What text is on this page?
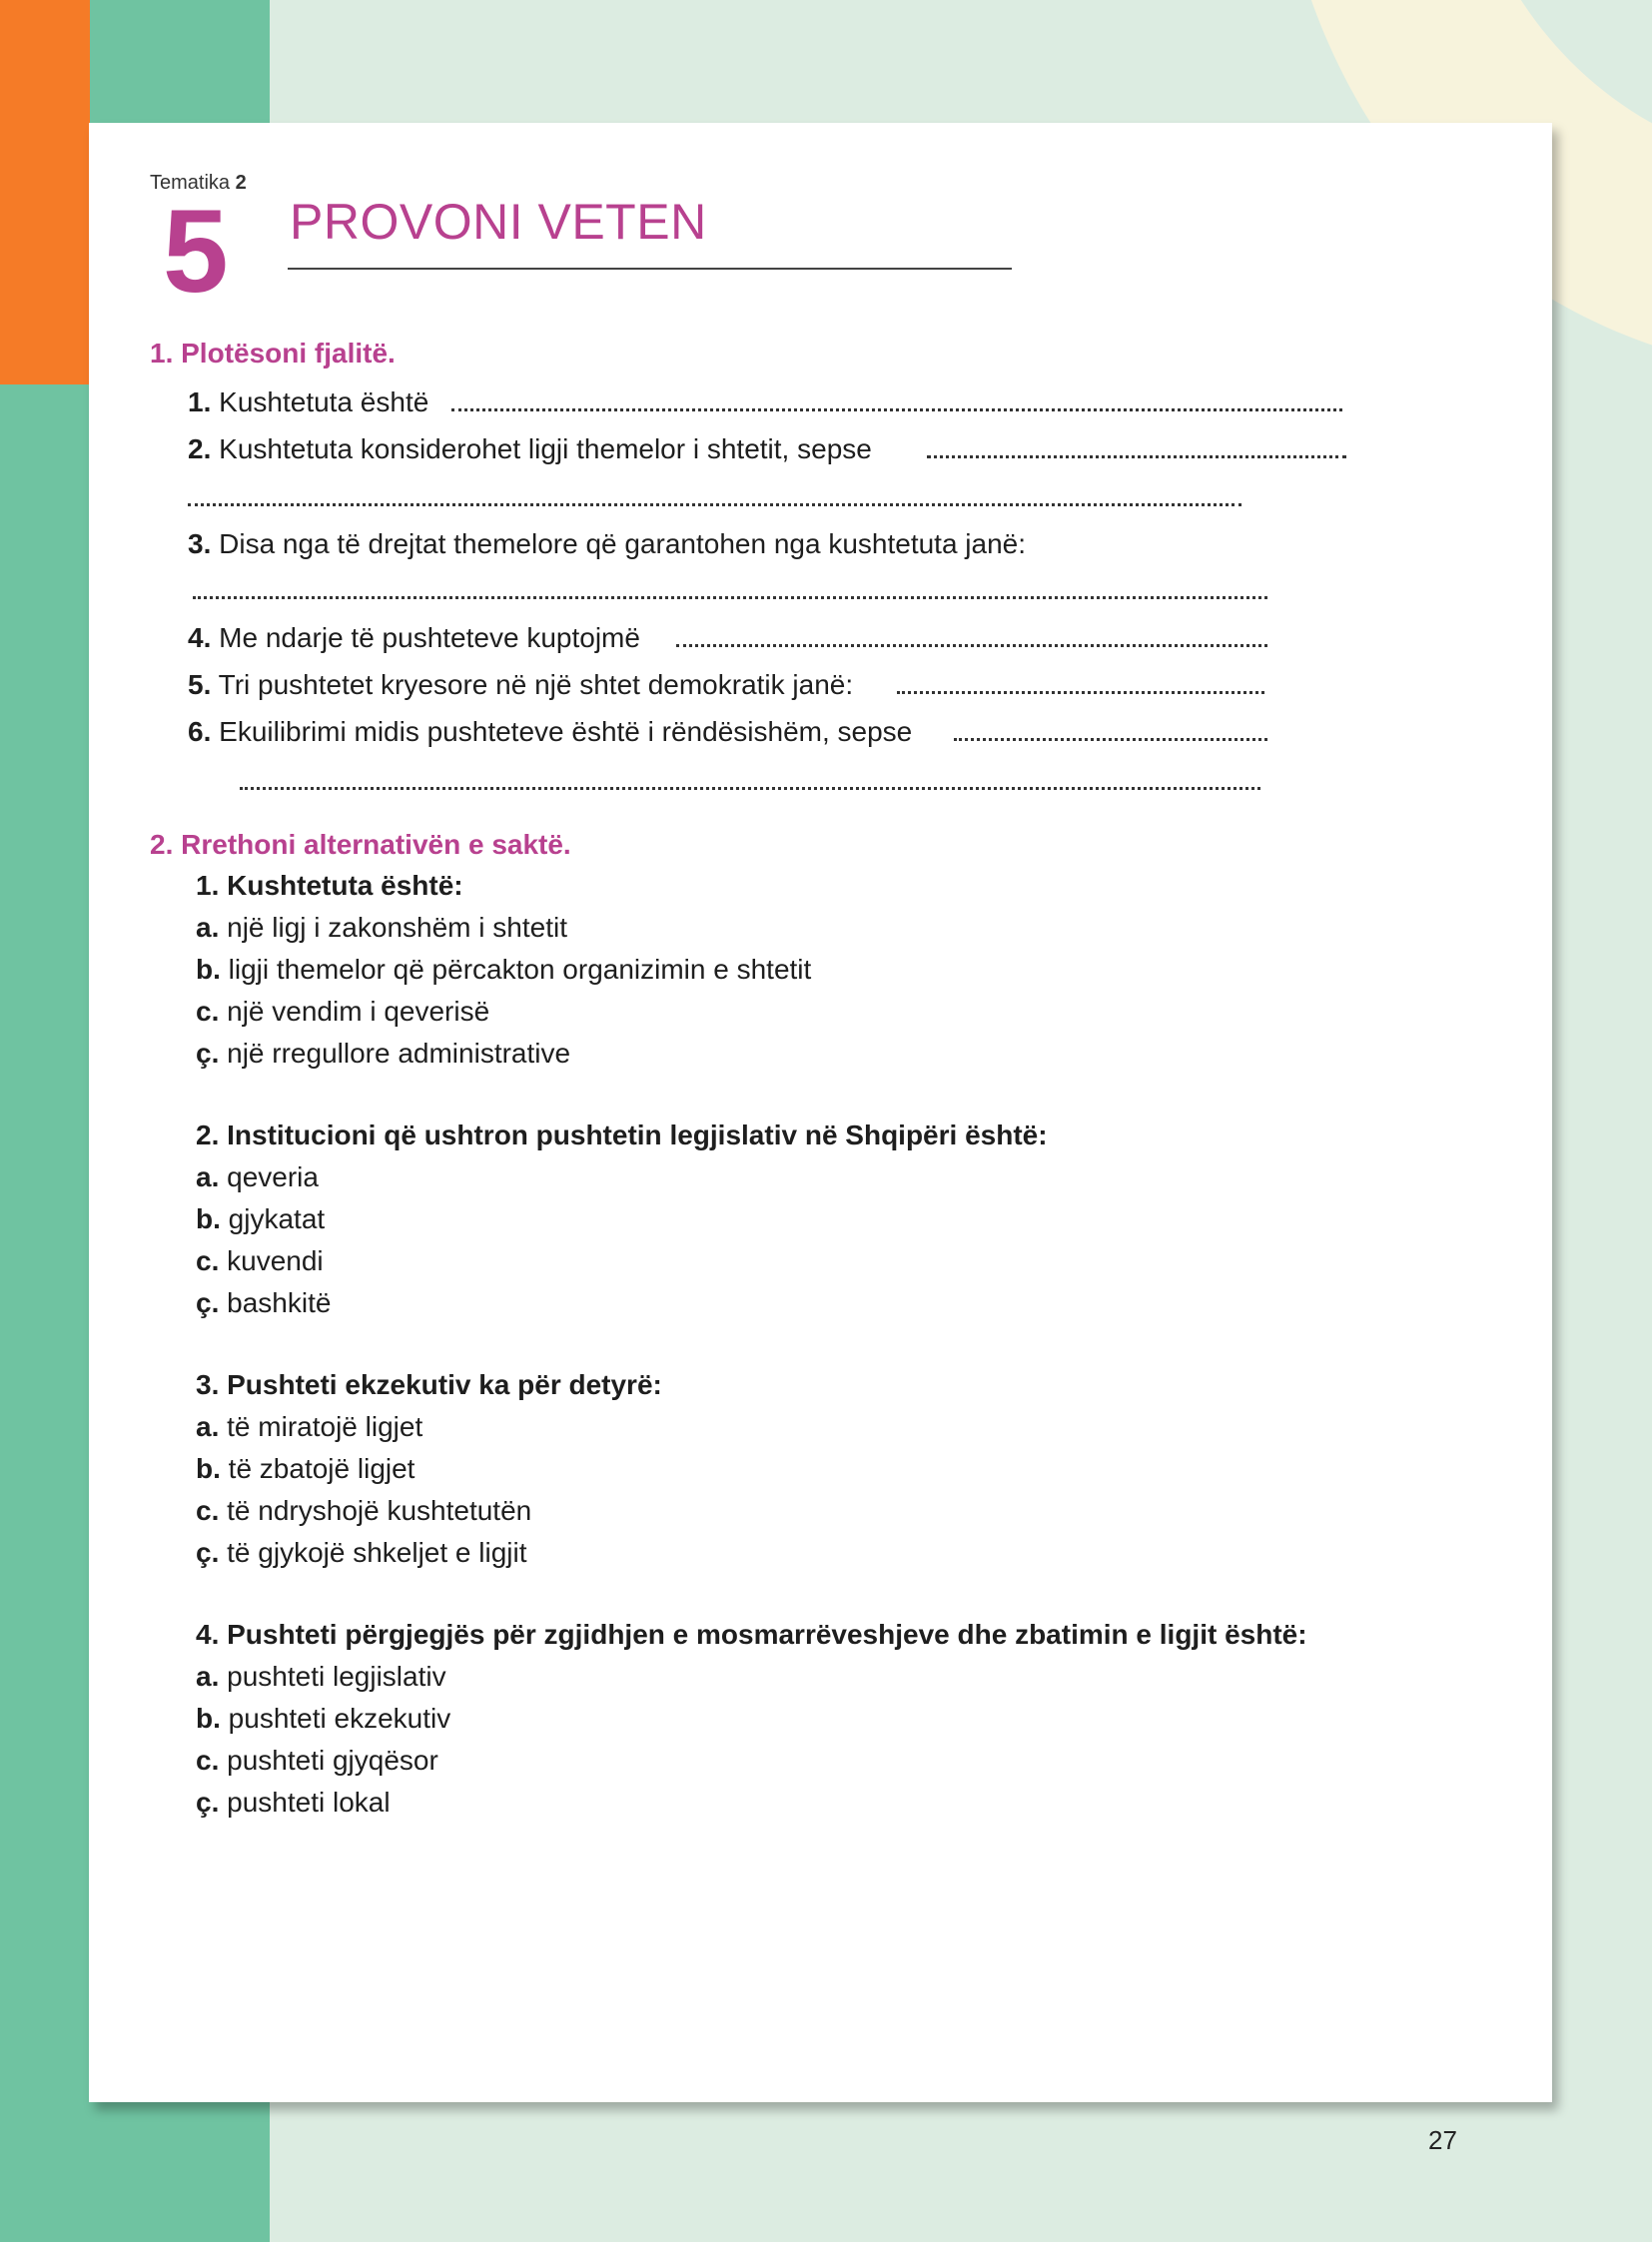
Tematika 2
5 PROVONI VETEN
1. Plotësoni fjalitë.
1. Kushtetuta është
2. Kushtetuta konsiderohet ligji themelor i shtetit, sepse
3. Disa nga të drejtat themelore që garantohen nga kushtetuta janë:
4. Me ndarje të pushteteve kuptojmë
5. Tri pushtetet kryesore në një shtet demokratik janë:
6. Ekuilibrimi midis pushteteve është i rëndësishëm, sepse
2. Rrethoni alternativën e saktë.
1. Kushtetuta është:
a. një ligj i zakonshëm i shtetit
b. ligji themelor që përcakton organizimin e shtetit
c. një vendim i qeverisë
ç. një rregullore administrative
2. Institucioni që ushtron pushtetin legjislativ në Shqipëri është:
a. qeveria
b. gjykatat
c. kuvendi
ç. bashkitë
3. Pushteti ekzekutiv ka për detyrë:
a. të miratojë ligjet
b. të zbatojë ligjet
c. të ndryshojë kushtetutën
ç. të gjykojë shkeljet e ligjit
4. Pushteti përgjegjës për zgjidhjen e mosmarrëveshjeve dhe zbatimin e ligjit është:
a. pushteti legjislativ
b. pushteti ekzekutiv
c. pushteti gjyqësor
ç. pushteti lokal
27
